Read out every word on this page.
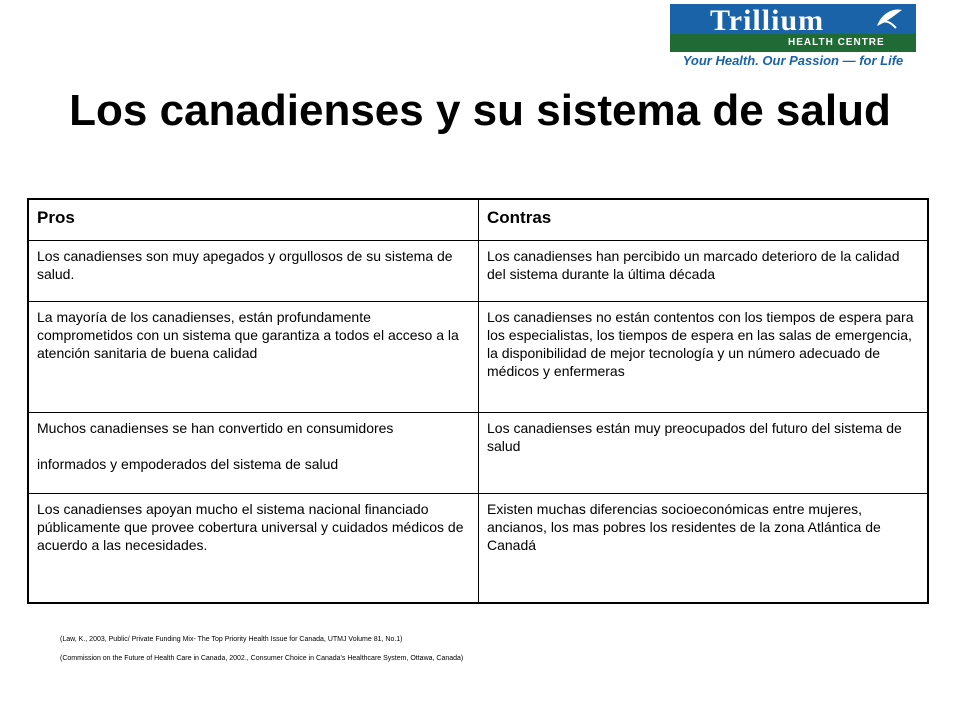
Trillium
HEALTH CENTRE
Your Health. Our Passion — for Life
Los canadienses y su sistema de salud
Pros	Contras
Los canadienses son muy apegados y orgullosos de su sistema de salud.	Los canadienses han percibido un marcado deterioro de la calidad del sistema durante la última década
La mayoría de los canadienses, están profundamente comprometidos con un sistema que garantiza a todos el acceso a la atención sanitaria de buena calidad	Los canadienses no están contentos con los tiempos de espera para los especialistas, los tiempos de espera en las salas de emergencia, la disponibilidad de mejor tecnología y un número adecuado de médicos y enfermeras
Muchos canadienses se han convertido en consumidores
informados y empoderados del sistema de salud	Los canadienses están muy preocupados del futuro del sistema de salud
Los canadienses apoyan mucho el sistema nacional financiado públicamente que provee cobertura universal y cuidados médicos de acuerdo a las necesidades.	Existen muchas diferencias socioeconómicas entre mujeres, ancianos, los mas pobres los residentes de la zona Atlántica de Canadá
(Law, K., 2003, Public/ Private Funding Mix- The Top Priority Health Issue for Canada, UTMJ Volume 81, No.1)
(Commission on the Future of Health Care in Canada, 2002., Consumer Choice in Canada's Healthcare System, Ottawa, Canada)
